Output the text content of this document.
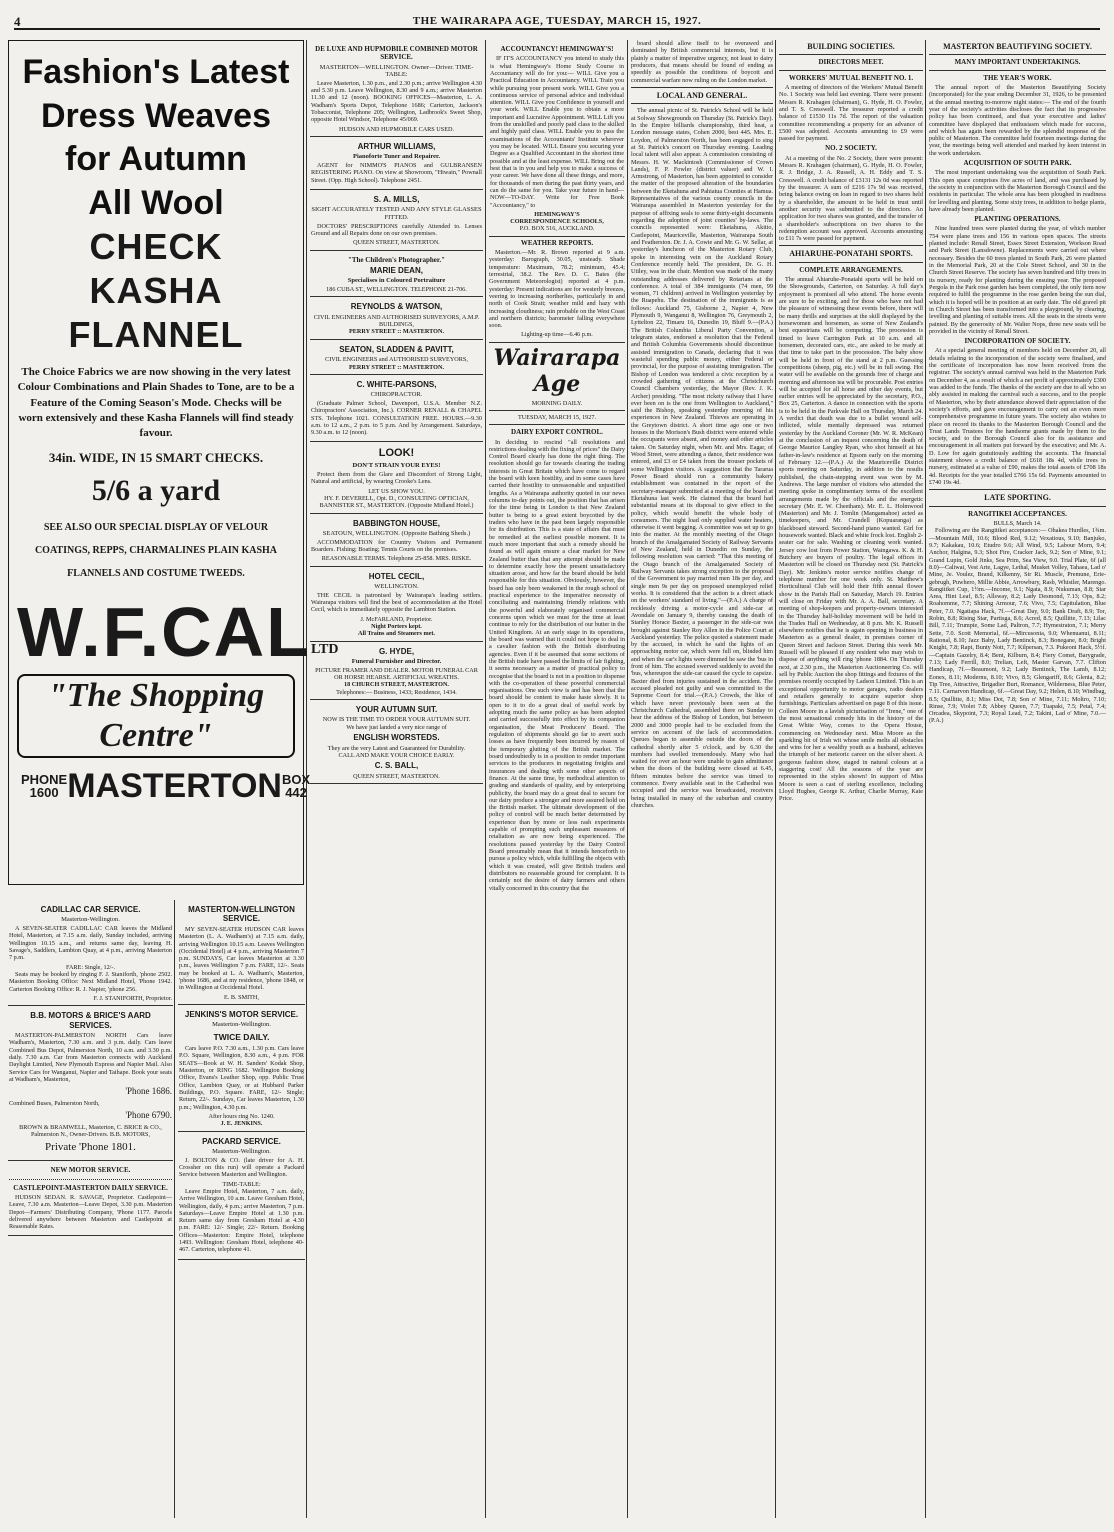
4	THE WAIRARAPA AGE, TUESDAY, MARCH 15, 1927.
Fashion's Latest
Dress Weaves
for Autumn
All Wool
CHECK
KASHA
FLANNEL
The Choice Fabrics we are now showing in the very latest Colour Combinations and Plain Shades to Tone, are to be a Feature of the Coming Season's Mode. Checks will be worn extensively and these Kasha Flannels will find steady favour.
34in. WIDE, IN 15 SMART CHECKS.
5/6 a yard
SEE ALSO OUR SPECIAL DISPLAY OF VELOUR COATINGS, REPPS, CHARMALINES PLAIN KASHA FLANNELS AND COSTUME TWEEDS.
$W.F.CAL^{LTD}$
"The Shopping Centre"
PHONE
1600 MASTERTON BOX
442
CADILLAC CAR SERVICE.
Masterton-Wellington.

A SEVEN-SEATER CADILLAC CAR leaves the Midland Hotel, Masterton, at 7.15 a.m. daily, Sunday included, arriving Wellington 10.15 a.m., and returns same day, leaving H. Savage's, Saddlers, Lambton Quay, at 4 p.m., arriving Masterton 7 p.m.

FARE: Single, 12/-.

Seats may be booked by ringing F. J. Staniforth, 'phone 2502. Masterton Booking Office: Next Midland Hotel, 'Phone 1942. Carterton Booking Office: R. J. Napier, 'phone 256.

F. J. STANIFORTH, Proprietor.
B.B. MOTORS & BRICE'S AARD SERVICES.

MASTERTON-PALMERSTON NORTH Cars leave Wadham's, Masterton, 7.30 a.m. and 3 p.m. daily. Cars leave Combined Bus Depot, Palmerston North, 10 a.m. and 3.30 p.m. daily. 7.30 a.m. Car from Masterton connects with Auckland Daylight Limited, New Plymouth Express and Napier Mail. Also Service Cars for Wanganui, Napier and Taihape. Book your seats at Wadham's, Masterton,

'Phone 1686.
Combined Buses, Palmerston North,
'Phone 6790.
BROWN & BRAMWELL, Masterton, C. BRICE & CO., Palmerston N., Owner-Drivers. B.B. MOTORS,
Private 'Phone 1801.
NEW MOTOR SERVICE.
CASTLEPOINT-MASTERTON DAILY SERVICE.

HUDSON SEDAN. R. SAVAGE, Proprietor. Castlepoint—Leave, 7.30 a.m. Masterton—Leave Depot, 3.30 p.m. Masterton Depot—Farmers' Distributing Company, 'Phone 1177. Parcels delivered anywhere between Masterton and Castlepoint at Reasonable Rates.

MASTERTON-WELLINGTON SERVICE.

MY SEVEN-SEATER HUDSON CAR leaves Masterton (L. A. Wadham's) at 7.15 a.m. daily, arriving Wellington 10.15 a.m. Leaves Wellington (Occidental Hotel) at 4 p.m., arriving Masterton 7 p.m. SUNDAYS, Car leaves Masterton at 3.30 p.m., leaves Wellington 7 p.m. FARE, 12/-. Seats may be booked at L. A. Wadham's, Masterton, 'phone 1686, and at my residence, 'phone 1848, or in Wellington at Occidental Hotel.

E. B. SMITH,
JENKINS'S MOTOR SERVICE.
Masterton-Wellington.
TWICE DAILY.

Cars leave P.O. 7.30 a.m., 1.30 p.m. Cars leave P.O. Square, Wellington, 8.30 a.m., 4 p.m. FOR SEATS—Book at W. H. Sanders' Kodak Shop, Masterton, or RING 1682. Wellington Booking Office, Evans's Leather Shop, opp. Public Trust Office, Lambton Quay, or at Hubbard Parker Buildings, P.O. Square. FARE, 12/- Single; Return, 22/-. Sundays, Car leaves Masterton, 1.30 p.m.; Wellington, 4.30 p.m.

After hours ring No. 1240.
J. E. JENKINS.
PACKARD SERVICE.
Masterton-Wellington.

J. BOLTON & CO. (late driver for A. H. Crossher on this run) will operate a Packard Service between Masterton and Wellington.

TIME-TABLE:

Leave Empire Hotel, Masterton, 7 a.m. daily, Arrive Wellington, 10 a.m. Leave Gresham Hotel, Wellington, daily, 4 p.m.; arrive Masterton, 7 p.m. Saturdays—Leave Empire Hotel at 1.30 p.m. Return same day from Gresham Hotel at 4.30 p.m. FARE: 12/- Single; 22/- Return. Booking Offices—Masterton: Empire Hotel, telephone 1493. Wellington: Gresham Hotel, telephone 40-467. Carterton, telephone 41.

DE LUXE AND HUPMOBILE COMBINED MOTOR SERVICE.
MASTERTON—WELLINGTON. Owner—Driver. TIME-TABLE:

Leave Masterton, 1.30 p.m., and 2.30 p.m.; arrive Wellington 4.30 and 5.30 p.m. Leave Wellington, 8.30 and 9 a.m.; arrive Masterton 11.30 and 12 (noon). BOOKING OFFICES—Masterton, L. A. Wadham's Sports Depot, Telephone 1686; Carterton, Jackson's Tobacconist, Telephone 205; Wellington, Ladbrook's Sweet Shop, opposite Hotel Windsor, Telephone 45/069.

HUDSON AND HUPMOBILE CARS USED.
ARTHUR WILLIAMS,
Pianoforte Tuner and Repairer.

AGENT for NIMMO'S PIANOS and GULBRANSEN REGISTERING PIANO. On view at Showroom, "Hiwain," Pownall Street. (Opp. High School). Telephone 2451.

S. A. MILLS,
SIGHT ACCURATELY TESTED AND ANY STYLE GLASSES FITTED.

DOCTORS' PRESCRIPTIONS carefully Attended to. Lenses Ground and all Repairs done on our own premises.

QUEEN STREET, MASTERTON.
"The Children's Photographer."
MARIE DEAN,
Specialises in Coloured Portraiture
186 CUBA ST., WELLINGTON. TELEPHONE 21-706.
REYNOLDS & WATSON,
CIVIL ENGINEERS AND AUTHORISED SURVEYORS, A.M.P. BUILDINGS,
PERRY STREET :: MASTERTON.
SEATON, SLADDEN & PAVITT,
CIVIL ENGINEERS and AUTHORISED SURVEYORS,
PERRY STREET :: MASTERTON.
C. WHITE-PARSONS,
CHIROPRACTOR.

(Graduate Palmer School, Davenport, U.S.A. Member N.Z. Chiropractors' Association, Inc.). CORNER RENALL & CHAPEL STS. Telephone 1021. CONSULTATION FREE. HOURS.—9.30 a.m. to 12 a.m., 2 p.m. to 5 p.m. And by Arrangement. Saturdays, 9.30 a.m. to 12 (noon).

LOOK!
DON'T STRAIN YOUR EYES!

Protect them from the Glare and Discomfort of Strong Light, Natural and artificial, by wearing Crooke's Lens.

LET US SHOW YOU.
HY. F. DEVERELL, Opt. D., CONSULTING OPTICIAN, BANNISTER ST., MASTERTON. (Opposite Midland Hotel.)
BABBINGTON HOUSE,
SEATOUN, WELLINGTON. (Opposite Bathing Sheds.)

ACCOMMODATION for Country Visitors and Permanent Boarders. Fishing; Boating; Tennis Courts on the premises.

REASONABLE TERMS. Telephone 25-858. MRS. RISKE.
HOTEL CECIL,
WELLINGTON.

THE CECIL is patronised by Wairarapa's leading settlers. Wairarapa visitors will find the best of accommodation at the Hotel Cecil, which is immediately opposite the Lambton Station.

J. McFARLAND, Proprietor.
Night Porters kept.
All Trains and Steamers met.
G. HYDE,
Funeral Furnisher and Director.
PICTURE FRAMER AND DEALER. MOTOR FUNERAL CAR OR HORSE HEARSE. ARTIFICIAL WREATHS.
18 CHURCH STREET, MASTERTON.
Telephones:— Business, 1433; Residence, 1434.
YOUR AUTUMN SUIT.
NOW IS THE TIME TO ORDER YOUR AUTUMN SUIT.
We have just landed a very nice range of
ENGLISH WORSTEDS.
They are the very Latest and Guaranteed for Durability.
CALL AND MAKE YOUR CHOICE EARLY.
C. S. BALL,
QUEEN STREET, MASTERTON.
ACCOUNTANCY! HEMINGWAY'S!

IF IT'S ACCOUNTANCY you intend to study this is what Hemingway's Home Study Course in Accountancy will do for you:— WILL Give you a Practical Education in Accountancy. WILL Train you while pursuing your present work. WILL Give you a continuous service of personal advice and individual attention. WILL Give you Confidence in yourself and your work. WILL Enable you to obtain a more important and Lucrative Appointment. WILL Lift you from the unskilled and poorly paid class to the skilled and highly paid class. WILL Enable you to pass the examinations of the Accountants' Institute wherever you may be located. WILL Ensure you securing your Degree as a Qualified Accountant in the shortest time possible and at the least expense. WILL Bring out the best that is in you and help you to make a success of your career. We have done all these things, and more, for thousands of men during the past thirty years, and can do the same for you. Take your future in hand—NOW—TO-DAY. Write for Free Book "Accountancy," to

HEMINGWAY'S
CORRESPONDENCE SCHOOLS,
P.O. BOX 516, AUCKLAND.
WEATHER REPORTS.

Masterton.—Mr. R. Brown reported at 9 a.m. yesterday: Barograph, 30.05, unsteady. Shade temperature: Maximum, 78.2; minimum, 45.4; terrestrial, 38.2. The Rev. D. C. Bates (the Government Meteorologist) reported at 4 p.m. yesterday: Present indications are for westerly breezes, veering to increasing northerlies, particularly in and north of Cook Strait; weather mild and hazy with increasing cloudiness; rain probable on the West Coast and northern districts; barometer falling everywhere soon.

Lighting-up time—6.46 p.m.
Wairarapa Age
MORNING DAILY.
TUESDAY, MARCH 15, 1927.
DAIRY EXPORT CONTROL.

In deciding to rescind "all resolutions and restrictions dealing with the fixing of prices" the Dairy Control Board clearly has done the right thing. The resolution should go far towards clearing the trading interests in Great Britain which have come to regard the board with keen hostility, and in some cases have carried their hostility to unreasonable and unjustified lengths. As a Wairarapa authority quoted in our news columns to-day points out, the position that has arisen for the time being in London is that New Zealand butter is being to a great extent boycotted by the traders who have in the past been largely responsible for its distribution. This is a state of affairs that must be remedied at the earliest possible moment. It is much more important that such a remedy should be found as will again ensure a clear market for New Zealand butter than that any attempt should be made to determine exactly how the present unsatisfactory situation arose, and how far the board should be held responsible for this situation. Obviously, however, the board has only been weakened in the rough school of practical experience to the imperative necessity of conciliating and maintaining friendly relations with the powerful and elaborately organised commercial concerns upon which we must for the time at least continue to rely for the distribution of our butter in the United Kingdom. At an early stage in its operations, the board was warned that it could not hope to deal in a cavalier fashion with the British distributing agencies. Even if it be assumed that some sections of the British trade have passed the limits of fair fighting, it seems necessary as a matter of practical policy to recognise that the board is not in a position to dispense with the co-operation of these powerful commercial organisations. One such view is and has been that the board should be content to make haste slowly. It is open to it to do a great deal of useful work by adopting much the same policy as has been adopted and carried successfully into effect by its companion organisation, the Meat Producers' Board. The regulation of shipments should go far to avert such losses as have frequently been incurred by reason of the temporary glutting of the British market. The board undoubtedly is in a position to render important services to the producers in negotiating freights and insurances and dealing with some other aspects of finance. At the same time, by methodical attention to grading and standards of quality, and by enterprising publicity, the board may do a great deal to secure for our dairy produce a stronger and more assured hold on the British market. The ultimate development of the policy of control will be much better determined by experience than by more or less rash experiments capable of prompting such unpleasant measures of retaliation as are now being experienced. The resolutions passed yesterday by the Dairy Control Board presumably mean that it intends henceforth to pursue a policy which, while fulfilling the objects with which it was created, will give British traders and distributors no reasonable ground for complaint. It is certainly not the desire of dairy farmers and others vitally concerned in this country that the

board should allow itself to be overawed and dominated by British commercial interests, but it is plainly a matter of imperative urgency, not least to dairy producers, that means should be found of ending as speedily as possible the conditions of boycott and commercial warfare now ruling on the London market.

LOCAL AND GENERAL.

The annual picnic of St. Patrick's School will be held at Solway Showgrounds on Thursday (St. Patrick's Day). In the Empire billiards championship, third heat, a London message states, Cohen 2000, best 445. Mrs. E. Loydon, of Palmerston North, has been engaged to sing at St. Patrick's concert on Thursday evening. Leading local talent will also appear. A commission consisting of Messrs. H. W. Mackintosh (Commissioner of Crown Lands), F. P. Fowler (district valuer) and W. I. Armstrong, of Masterton, has been appointed to consider the matter of the proposed alteration of the boundaries between the Eketahuna and Pahiatua Counties at Hamua. Representatives of the various county councils in the Wairarapa assembled in Masterton yesterday for the purpose of affixing seals to some thirty-eight documents regarding the adoption of joint counties' by-laws. The councils represented were: Eketahuna, Akitio, Castlepoint, Mauriceville, Masterton, Wairarapa South and Featherston. Dr. J. A. Cowie and Mr. G. W. Sellar, at yesterday's luncheon of the Masterton Rotary Club, spoke in interesting vein on the Auckland Rotary Conference recently held. The president, Dr. G. H. Utiley, was in the chair. Mention was made of the many outstanding addresses delivered by Rotarians at the conference. A total of 384 immigrants (74 men, 99 women, 71 children) arrived in Wellington yesterday by the Ruapehu. The destination of the immigrants is as follows: Auckland 75, Gisborne 2, Napier 4, New Plymouth 9, Wanganui 8, Wellington 76, Greymouth 2, Lyttelton 22, Timaru 16, Dunedin 19, Bluff 9.—(P.A.) The British Columbia Liberal Party Convention, a telegram states, endorsed a resolution that the Federal and British Columbia Governments should discontinue assisted immigration to Canada, declaring that it was wasteful spending public money, either Federal or provincial, for the purpose of assisting immigration. The Bishop of London was tendered a civic reception by a crowded gathering of citizens at the Christchurch Council Chambers yesterday, the Mayor (Rev. J. K. Archer) presiding. "The most rickety railway that I have ever been on is the one from Wellington to Auckland," said the Bishop, speaking yesterday morning of his experiences in New Zealand. Thieves are operating in the Greytown district. A short time ago one or two houses in the Morison's Bush district were entered while the occupants were absent, and money and other articles taken. On Saturday night, when Mr. and Mrs. Eagar, of Wood Street, were attending a dance, their residence was entered, and £3 or £4 taken from the trouser pockets of some Wellington visitors. A suggestion that the Tararua Power Board should run a community bakery establishment was contained in the report of the secretary-manager submitted at a meeting of the board at Eketahuna last week. He claimed that the board had substantial means at its disposal to give effect to the policy, which would benefit the whole body of consumers. The night load only supplied water heaters, otherwise it went begging. A committee was set up to go into the matter. At the monthly meeting of the Otago branch of the Amalgamated Society of Railway Servants of New Zealand, held in Dunedin on Sunday, the following resolution was carried: "That this meeting of the Otago branch of the Amalgamated Society of Railway Servants takes strong exception to the proposal of the Government to pay married men 18s per day, and single men 9s per day on proposed unemployed relief works. It is considered that the action is a direct attack on the workers' standard of living."—(P.A.) A charge of recklessly driving a motor-cycle and side-car at Avondale on January 9, thereby causing the death of Stanley Horace Baxter, a passenger in the side-car was brought against Stanley Roy Allen in the Police Court at Auckland yesterday. The police quoted a statement made by the accused, in which he said the lights of an approaching motor car, which were full on, blinded him and when the car's lights were dimmed he saw the 'bus in front of him. The accused swerved suddenly to avoid the 'bus, whereupon the side-car caused the cycle to capsize. Baxter died from injuries sustained in the accident. The accused pleaded not guilty and was committed to the Supreme Court for trial.—(P.A.) Crowds, the like of which have never previously been seen at the Christchurch Cathedral, assembled there on Sunday to hear the address of the Bishop of London, but between 2000 and 3000 people had to be excluded from the service on account of the lack of accommodation. Queues began to assemble outside the doors of the cathedral shortly after 5 o'clock, and by 6.30 the numbers had swelled tremendously. Many who had waited for over an hour were unable to gain admittance when the doors of the building were closed at 6.45, fifteen minutes before the service was timed to commence. Every available seat in the Cathedral was occupied and the service was broadcasted, receivers being installed in many of the suburban and country churches.

BUILDING SOCIETIES.
DIRECTORS MEET.
WORKERS' MUTUAL BENEFIT NO. 1.

A meeting of directors of the Workers' Mutual Benefit No. 1 Society was held last evening. There were present: Messrs R. Krahagen (chairman), G. Hyde, H. O. Fowler, and T. S. Cresswell. The treasurer reported a credit balance of £1530 11s 7d. The report of the valuation committee recommending a property for an advance of £500 was adopted. Accounts amounting to £9 were passed for payment.

NO. 2 SOCIETY.

At a meeting of the No. 2 Society, there were present: Messrs R. Krahagen (chairman), G. Hyde, H. O. Fowler, R. J. Bridge, J. A. Russell, A. H. Eddy and T. S. Cresswell. A credit balance of £3131 12s 0d was reported by the treasurer. A sum of £216 17s 9d was received, being balance owing on loan in regard to two shares held by a shareholder, the amount to be held in trust until another security was submitted to the directors. An application for two shares was granted, and the transfer of a shareholder's subscriptions on two shares to the redemption account was approved. Accounts amounting to £11 7s were passed for payment.

AHIARUHE-PONATAHI SPORTS.
COMPLETE ARRANGEMENTS.

The annual Ahiaruhe-Ponatahi sports will be held on the Showgrounds, Carterton, on Saturday. A full day's enjoyment is promised all who attend. The horse events are sure to be exciting, and for those who have not had the pleasure of witnessing these events before, there will be many thrills and surprises at the skill displayed by the horsewomen and horsemen, as some of New Zealand's best equestrians will be competing. The procession is timed to leave Carrington Park at 10 a.m. and all horsemen, decorated cars, etc., are asked to be ready at that time to take part in the procession. The baby show will be held in front of the stand at 2 p.m. Guessing competitions (sheep, pig, etc.) will be in full swing. Hot water will be available on the grounds free of charge and morning and afternoon tea will be procurable. Post entries will be accepted for all horse and other day events, but earlier entries will be appreciated by the secretary, P.O., Box 25, Carterton. A dance in connection with the sports is to be held in the Parkvale Hall on Thursday, March 24. A verdict that death was due to a bullet wound self-inflicted, while mentally depressed was returned yesterday by the Auckland Coroner (Mr. W. R. McKean) at the conclusion of an inquest concerning the death of George Maurice Langley Ryan, who shot himself at his father-in-law's residence at Epsom early on the morning of February 12.—(P.A.) At the Mauriceville District sports meeting on Saturday, in addition to the results published, the chain-stepping event was won by M. Andrews. The large number of visitors who attended the meeting spoke in complimentary terms of the excellent arrangements made by the officials and the energetic secretary (Mr. E. W. Cheetham). Mr. E. L. Holmwood (Masterton) and Mr. J. Tomlin (Mangamahoe) acted as timekeepers, and Mr. Crandell (Kopuaranga) as blackboard steward. Second-hand piano wanted. Girl for housework wanted. Black and white frock lost. English 2-seater car for sale. Washing or cleaning work wanted. Jersey cow lost from Power Station, Waingawa. K. & H. Butchery are buyers of poultry. The legal offices in Masterton will be closed on Thursday next (St. Patrick's Day). Mr. Jenkins's motor service notifies change of telephone number for one week only. St. Matthew's Horticultural Club will hold their fifth annual flower show in the Parish Hall on Saturday, March 19. Entries will close on Friday with Mr. A. A. Ball, secretary. A meeting of shop-keepers and property-owners interested in the Thursday half-holiday movement will be held in the Trades Hall on Wednesday, at 8 p.m. Mr. K. Russell elsewhere notifies that he is again opening in business in Masterton as a general dealer, in premises corner of Queen Street and Jackson Street. During this week Mr. Russell will be pleased if any resident who may wish to dispose of anything will ring 'phone 1884. On Thursday next, at 2.30 p.m., the Masterton Auctioneering Co. will sell by Public Auction the shop fittings and fixtures of the premises recently occupied by Ladson Limited. This is an exceptional opportunity to motor garages, radio dealers and retailers generally to acquire superior shop furnishings. Particulars advertised on page 8 of this issue. Colleen Moore in a lavish picturisation of "Irene," one of the most sensational comedy hits in the history of the Great White Way, comes to the Opera House, commencing on Wednesday next. Miss Moore as the sparkling bit of Irish wit whose smile melts all obstacles and wins for her a wealthy youth as a husband, achieves the triumph of her meteoric career on the silver sheet. A gorgeous fashion show, staged in natural colours at a staggering cost! All the seasons of the year are represented in the styles shown! In support of Miss Moore is seen a cast of sterling excellence, including Lloyd Hughes, George K. Arthur, Charlie Murray, Kate Price.

MASTERTON BEAUTIFYING SOCIETY.
MANY IMPORTANT UNDERTAKINGS.
THE YEAR'S WORK.

The annual report of the Masterton Beautifying Society (incorporated) for the year ending December 31, 1926, to be presented at the annual meeting to-morrow night states:— The end of the fourth year of the society's activities discloses the fact that its progressive policy has been continued, and that your executive and ladies' committee have displayed that enthusiasm which made for success, and which has again been rewarded by the splendid response of the public of Masterton. The committee held fourteen meetings during the year, the meetings being well attended and marked by keen interest in the work undertaken.

ACQUISITION OF SOUTH PARK.

The most important undertaking was the acquisition of South Park. This open space comprises five acres of land, and was purchased by the society in conjunction with the Masterton Borough Council and the residents in particular. The whole area has been ploughed in readiness for levelling and planting. Some sixty trees, in addition to hedge plants, have already been planted.

PLANTING OPERATIONS.

Nine hundred trees were planted during the year, of which number 754 were plane trees and 156 in various open spaces. The streets planted include: Renall Street, Essex Street Extension, Workson Road and Park Street (Lansdowne). Replacements were carried out where necessary. Besides the 60 trees planted in South Park, 26 were planted in the Memorial Park, 20 at the Cole Street School, and 30 in the Church Street Reserve. The society has seven hundred and fifty trees in its nursery, ready for planting during the ensuing year. The proposed Pergola in the Park rose garden has been completed, the only item now required to fulfil the programme in the rose garden being the sun dial, which it is hoped will be in position at an early date. The old gravel pit in Church Street has been transformed into a playground, by clearing, levelling and planting of suitable trees. All the seats in the streets were painted. By the generosity of Mr. Walter Nops, three new seats will be provided in the vicinity of Renall Street.

INCORPORATION OF SOCIETY.

At a special general meeting of members held on December 20, all details relating to the incorporation of the society were finalised, and the certificate of incorporation has now been received from the registrar. The society's annual carnival was held in the Masterton Park on December 4, as a result of which a net profit of approximately £300 was added to the funds. The thanks of the society are due to all who so ably assisted in making the carnival such a success, and to the people of Masterton, who by their attendance showed their appreciation of the society's efforts, and gave encouragement to carry out an even more comprehensive programme in future years. The society also wishes to place on record its thanks to the Masterton Borough Council and the Trust Lands Trustees for the handsome grants made by them to the society, and to the Borough Council also for its assistance and encouragement in all matters put forward by the executive; and Mr. A. D. Low for again gratuitously auditing the accounts. The financial statement shows a credit balance of £618 18s 4d, while trees in nursery, estimated at a value of £90, makes the total assets of £708 18s 4d. Receipts for the year totalled £766 15s 6d. Payments amounted to £740 19s 4d.

LATE SPORTING.
RANGITIKEI ACCEPTANCES.
BULLS, March 14.

Following are the Rangitikei acceptances:— Ohakea Hurdles, 1¾m.—Mountain Mill, 10.6; Blood Red, 9.12; Vexatious, 9.10; Banjuko, 9.7; Kakakau, 10.6; Etudro 9.6; All Wind, 9.5; Labour Morn, 9.4; Anchor, Halgina, 9.3; Shot Fire, Cracker Jack, 9.2; Son o' Mine, 9.1; Grand Lupin, Gold Jinks, Sea Prim, Sea View, 9.0. Trial Plate, 6f (all 8.0)—Caliwai, Vest Arte, Lagye, Lethal, Musket Volley, Tahaea, Lad o' Mine, Je. Voulez, Brand, Kilkenny, Sir Ri. Muscle, Premune, Erie-gebrugh, Puwhero, Millie Abbie, Arrowbury, Rasb, Whistler, Marengo. Rangitikei Cup, 1½m.—Income, 9.1; Ngata, 8.9; Nukuman, 8.8; Star Area, Hint Leaf, 8.5; Allsway, 8.2; Lady Desmond, 7.13; Ops, 8.2; Roahomme, 7.7; Shining Armour, 7.6; Vivo, 7.5; Capitulation, Blue Peter, 7.0. Ngatiapa Hack, 7f.—Great Day, 9.0; Bank Draft, 8.9; Tor, Robin, 8.8; Rising Star, Partisga, 8.6; Acred, 8.5; Quillitte, 7.13; Lilac Bill, 7.11; Trumpie, Some Lad, Paltron, 7.7; Hymestraton, 7.1; Merry Sette, 7.0. Scott Memorial, 6f.—Mircusonia, 9.0; Whenuanui, 8.11; Rational, 8.10; Jazz Baby, Lady Bentinck, 8.3; Bonegane, 8.0; Bright Knight, 7.8; Rapt, Bunty Nott, 7.7; Kilpersan, 7.3. Pukeoni Hack, 5½f.—Captain Gazelry, 8.4; Bent, Kilburn, 8.4; Fiery Comet, Barygrade, 7.13; Lady Ferrill, 8.0; Trelian, Left, Master Garvan, 7.7. Clifton Handicap, 7f.—Beaumont, 9.2; Lady Bentinck, The Lamb, 8.12; Eonex, 8.11; Modernu, 8.10; Vivo, 8.5; Glengariff, 8.6; Glenia, 8.2; Tip Tree, Attractive, Brigadier Burt, Romance, Wilderness, Blue Peter, 7.11. Carnarvon Handicap, 6f.—Great Day, 9.2; Helen, 8.10; Windbag, 8.5; Quillitte, 8.1; Miss Dot, 7.8; Son o' Mine, 7.11; Moltro, 7.10; Rinse, 7.9; Violet 7.8; Abbey Queen, 7.7; Tuapaki, 7.5; Petal, 7.4; Orcadea, Skypoint, 7.3; Royal Lead, 7.2; Takini, Lad o' Mine, 7.0.—(P.A.)
